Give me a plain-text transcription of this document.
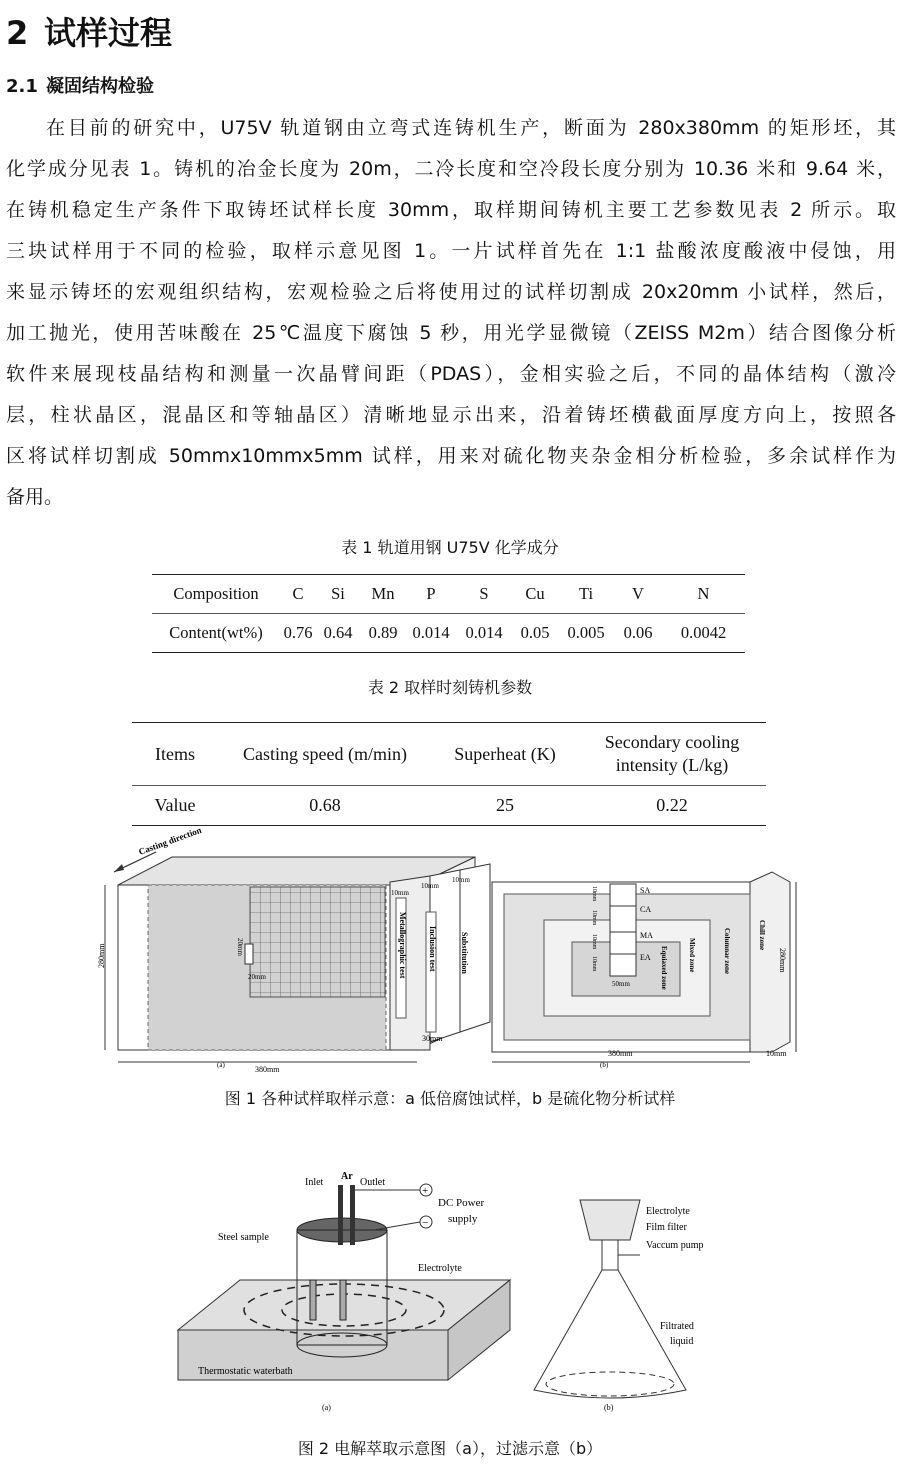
2 试样过程
2.1 凝固结构检验
在目前的研究中，U75V 轨道钢由立弯式连铸机生产，断面为 280x380mm 的矩形坯，其
化学成分见表 1。铸机的冶金长度为 20m，二冷长度和空冷段长度分别为 10.36 米和 9.64 米，
在铸机稳定生产条件下取铸坯试样长度 30mm，取样期间铸机主要工艺参数见表 2 所示。取
三块试样用于不同的检验，取样示意见图 1。一片试样首先在 1:1 盐酸浓度酸液中侵蚀，用
来显示铸坯的宏观组织结构，宏观检验之后将使用过的试样切割成 20x20mm 小试样，然后，
加工抛光，使用苦味酸在 25℃温度下腐蚀 5 秒，用光学显微镜（ZEISS M2m）结合图像分析
软件来展现枝晶结构和测量一次晶臂间距（PDAS），金相实验之后，不同的晶体结构（激冷
层，柱状晶区，混晶区和等轴晶区）清晰地显示出来，沿着铸坯横截面厚度方向上，按照各
区将试样切割成 50mmx10mmx5mm 试样，用来对硫化物夹杂金相分析检验，多余试样作为
备用。
表 1 轨道用钢 U75V 化学成分
Composition	C	Si	Mn	P	S	Cu	Ti	V	N
Content(wt%)	0.76	0.64	0.89	0.014	0.014	0.05	0.005	0.06	0.0042
表 2 取样时刻铸机参数
Items	Casting speed (m/min)	Superheat (K)	Secondary cooling intensity (L/kg)
Value	0.68	25	0.22
Casting direction
280mm
380mm
30mm
10mm
10mm
10mm
20mm
20mm	Metallographic test	Inclusion test	Substitution
(a)
SA
CA
MA
EA Equiaxed zone	Mixed zone	Columnar zone	Chill zone
10mm
10mm
10mm
10mm
50mm
280mm
380mm	10mm
(b)
图 1 各种试样取样示意：a 低倍腐蚀试样，b 是硫化物分析试样
Inlet
Ar
Outlet
+
−
DC Power
supply
Steel sample
Electrolyte
Thermostatic waterbath
(a)
Electrolyte
Film filter
Vaccum pump
Filtrated
liquid
(b)
图 2 电解萃取示意图（a），过滤示意（b）
